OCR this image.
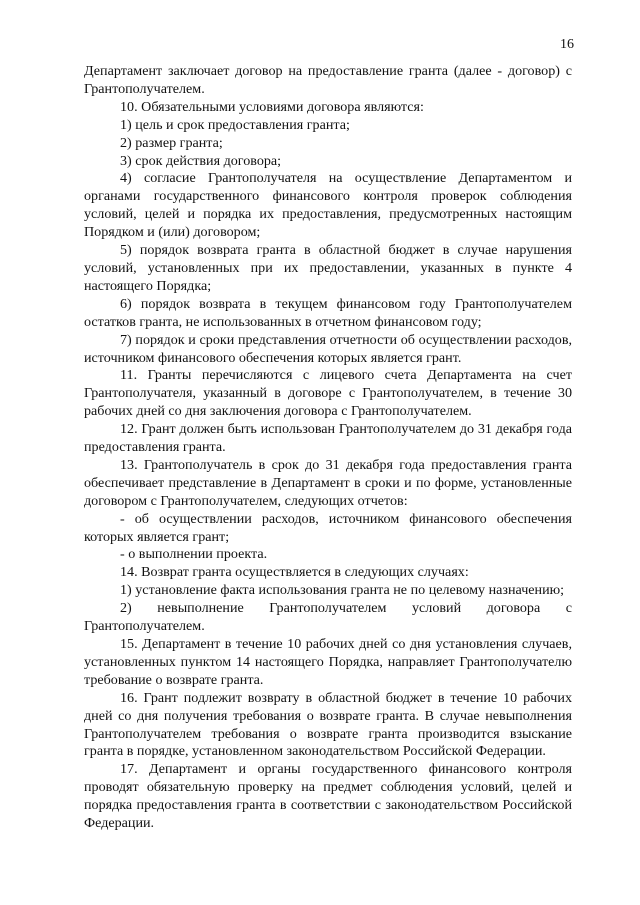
16

Департамент заключает договор на предоставление гранта (далее - договор) с Грантополучателем.

10. Обязательными условиями договора являются:

1) цель и срок предоставления гранта;

2) размер гранта;

3) срок действия договора;

4) согласие Грантополучателя на осуществление Департаментом и органами государственного финансового контроля проверок соблюдения условий, целей и порядка их предоставления, предусмотренных настоящим Порядком и (или) договором;

5) порядок возврата гранта в областной бюджет в случае нарушения условий, установленных при их предоставлении, указанных в пункте 4 настоящего Порядка;

6) порядок возврата в текущем финансовом году Грантополучателем остатков гранта, не использованных в отчетном финансовом году;

7) порядок и сроки представления отчетности об осуществлении расходов, источником финансового обеспечения которых является грант.

11. Гранты перечисляются с лицевого счета Департамента на счет Грантополучателя, указанный в договоре с Грантополучателем, в течение 30 рабочих дней со дня заключения договора с Грантополучателем.

12. Грант должен быть использован Грантополучателем до 31 декабря года предоставления гранта.

13. Грантополучатель в срок до 31 декабря года предоставления гранта обеспечивает представление в Департамент в сроки и по форме, установленные договором с Грантополучателем, следующих отчетов:

- об осуществлении расходов, источником финансового обеспечения которых является грант;

- о выполнении проекта.

14. Возврат гранта осуществляется в следующих случаях:

1) установление факта использования гранта не по целевому назначению;

2) невыполнение Грантополучателем условий договора с Грантополучателем.

15. Департамент в течение 10 рабочих дней со дня установления случаев, установленных пунктом 14 настоящего Порядка, направляет Грантополучателю требование о возврате гранта.

16. Грант подлежит возврату в областной бюджет в течение 10 рабочих дней со дня получения требования о возврате гранта. В случае невыполнения Грантополучателем требования о возврате гранта производится взыскание гранта в порядке, установленном законодательством Российской Федерации.

17. Департамент и органы государственного финансового контроля проводят обязательную проверку на предмет соблюдения условий, целей и порядка предоставления гранта в соответствии с законодательством Российской Федерации.
